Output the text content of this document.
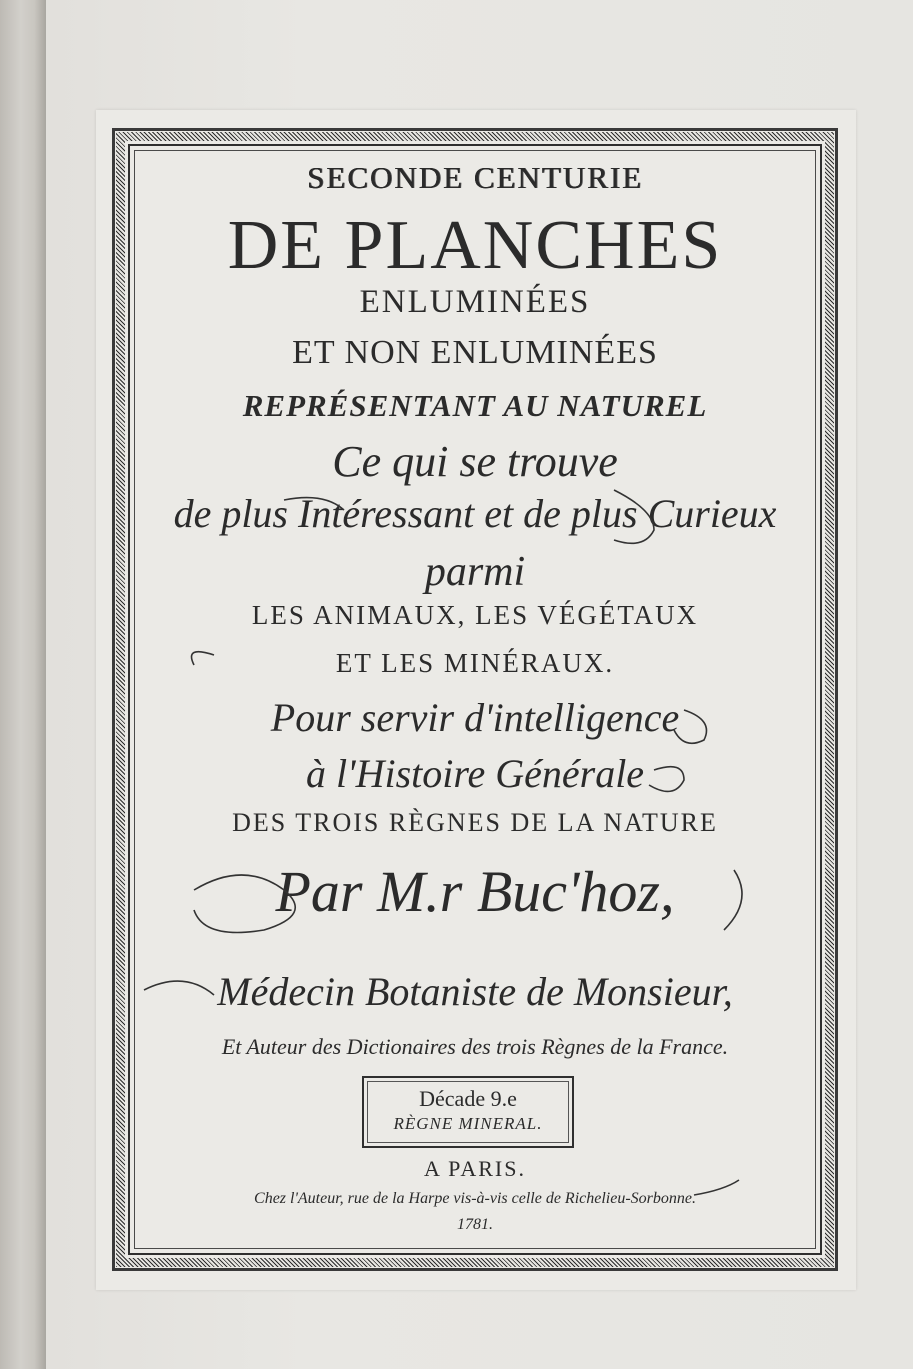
SECONDE CENTURIE

DE PLANCHES

ENLUMINÉES

ET NON ENLUMINÉES

REPRÉSENTANT AU NATUREL

Ce qui se trouve

de plus Intéressant et de plus Curieux

parmi

LES ANIMAUX, LES VÉGÉTAUX

ET LES MINÉRAUX.

Pour servir d'intelligence

à l'Histoire Générale

DES TROIS RÈGNES DE LA NATURE

Par M.r Buc'hoz,

Médecin Botaniste de Monsieur,

Et Auteur des Dictionaires des trois Règnes de la France.

Décade 9.e
RÈGNE MINERAL.

A PARIS.

Chez l'Auteur, rue de la Harpe vis-à-vis celle de Richelieu-Sorbonne.

1781.
